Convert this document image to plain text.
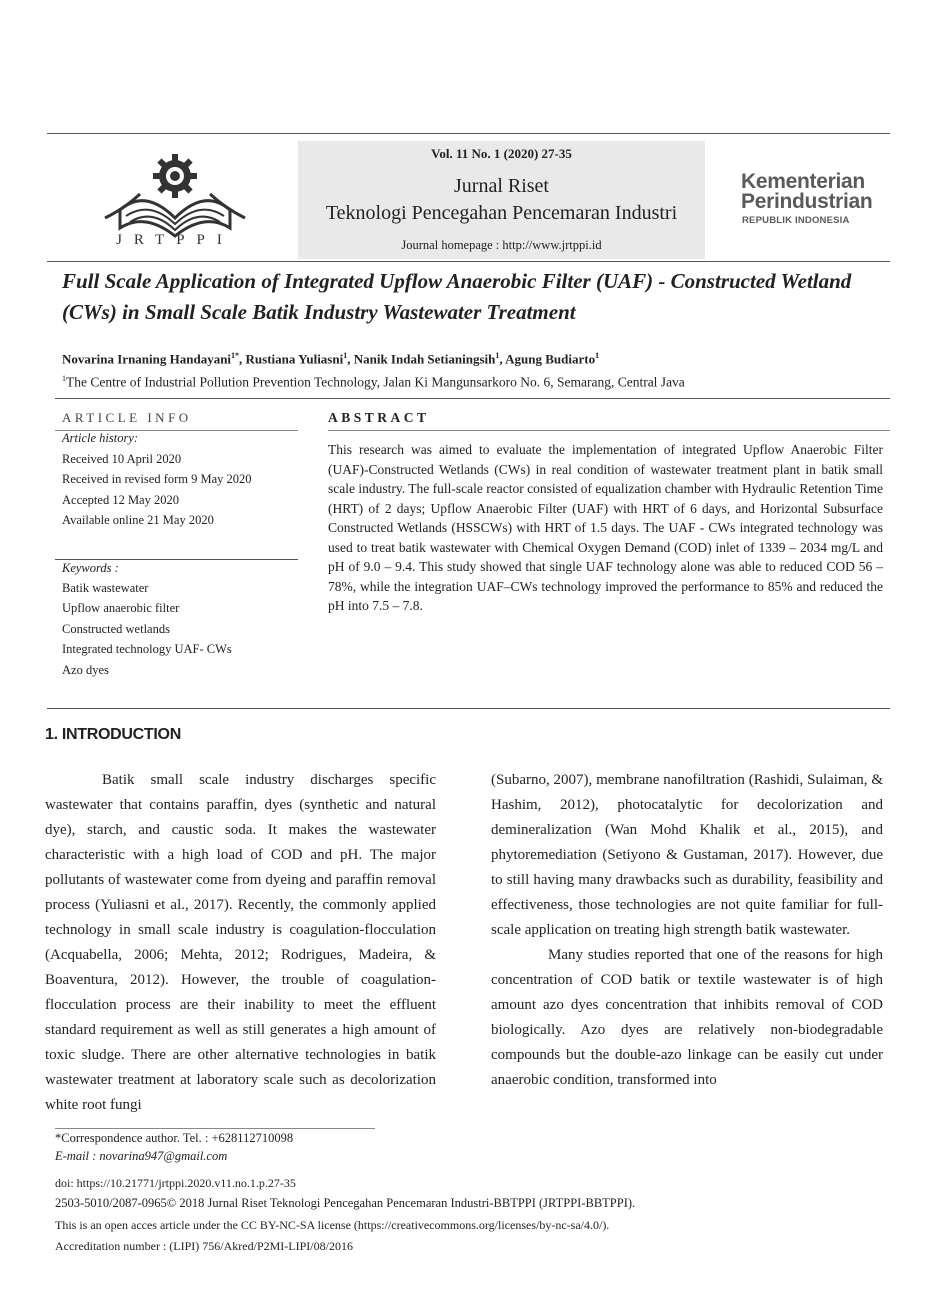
JRTPPI
Vol. 11 No. 1 (2020) 27-35
Jurnal Riset
Teknologi Pencegahan Pencemaran Industri
Journal homepage : http://www.jrtppi.id
Kementerian
Perindustrian
REPUBLIK INDONESIA
Full Scale Application of Integrated Upflow Anaerobic Filter (UAF) - Constructed Wetland (CWs) in Small Scale Batik Industry Wastewater Treatment
Novarina Irnaning Handayani$^{1*}$, Rustiana Yuliasni$^1$, Nanik Indah Setianingsih$^1$, Agung Budiarto$^1$
$^1$The Centre of Industrial Pollution Prevention Technology, Jalan Ki Mangunsarkoro No. 6, Semarang, Central Java
ARTICLE INFO
Article history:
Received 10 April 2020
Received in revised form 9 May 2020
Accepted 12 May 2020
Available online 21 May 2020
Keywords :
Batik wastewater
Upflow anaerobic filter
Constructed wetlands
Integrated technology UAF- CWs
Azo dyes
ABSTRACT
This research was aimed to evaluate the implementation of integrated Upflow Anaerobic Filter (UAF)-Constructed Wetlands (CWs) in real condition of wastewater treatment plant in batik small scale industry. The full-scale reactor consisted of equalization chamber with Hydraulic Retention Time (HRT) of 2 days; Upflow Anaerobic Filter (UAF) with HRT of 6 days, and Horizontal Subsurface Constructed Wetlands (HSSCWs) with HRT of 1.5 days. The UAF - CWs integrated technology was used to treat batik wastewater with Chemical Oxygen Demand (COD) inlet of 1339 – 2034 mg/L and pH of 9.0 – 9.4. This study showed that single UAF technology alone was able to reduced COD 56 – 78%, while the integration UAF–CWs technology improved the performance to 85% and reduced the pH into 7.5 – 7.8.
1. INTRODUCTION

Batik small scale industry discharges specific wastewater that contains paraffin, dyes (synthetic and natural dye), starch, and caustic soda. It makes the wastewater characteristic with a high load of COD and pH. The major pollutants of wastewater come from dyeing and paraffin removal process (Yuliasni et al., 2017). Recently, the commonly applied technology in small scale industry is coagulation-flocculation (Acquabella, 2006; Mehta, 2012; Rodrigues, Madeira, & Boaventura, 2012). However, the trouble of coagulation-flocculation process are their inability to meet the effluent standard requirement as well as still generates a high amount of toxic sludge. There are other alternative technologies in batik wastewater treatment at laboratory scale such as decolorization white root fungi

(Subarno, 2007), membrane nanofiltration (Rashidi, Sulaiman, & Hashim, 2012), photocatalytic for decolorization and demineralization (Wan Mohd Khalik et al., 2015), and phytoremediation (Setiyono & Gustaman, 2017). However, due to still having many drawbacks such as durability, feasibility and effectiveness, those technologies are not quite familiar for full-scale application on treating high strength batik wastewater.

Many studies reported that one of the reasons for high concentration of COD batik or textile wastewater is of high amount azo dyes concentration that inhibits removal of COD biologically. Azo dyes are relatively non-biodegradable compounds but the double-azo linkage can be easily cut under anaerobic condition, transformed into

*Correspondence author. Tel. : +628112710098
E-mail : novarina947@gmail.com
doi: https://10.21771/jrtppi.2020.v11.no.1.p.27-35
2503-5010/2087-0965© 2018 Jurnal Riset Teknologi Pencegahan Pencemaran Industri-BBTPPI (JRTPPI-BBTPPI).
This is an open acces article under the CC BY-NC-SA license (https://creativecommons.org/licenses/by-nc-sa/4.0/).
Accreditation number : (LIPI) 756/Akred/P2MI-LIPI/08/2016
